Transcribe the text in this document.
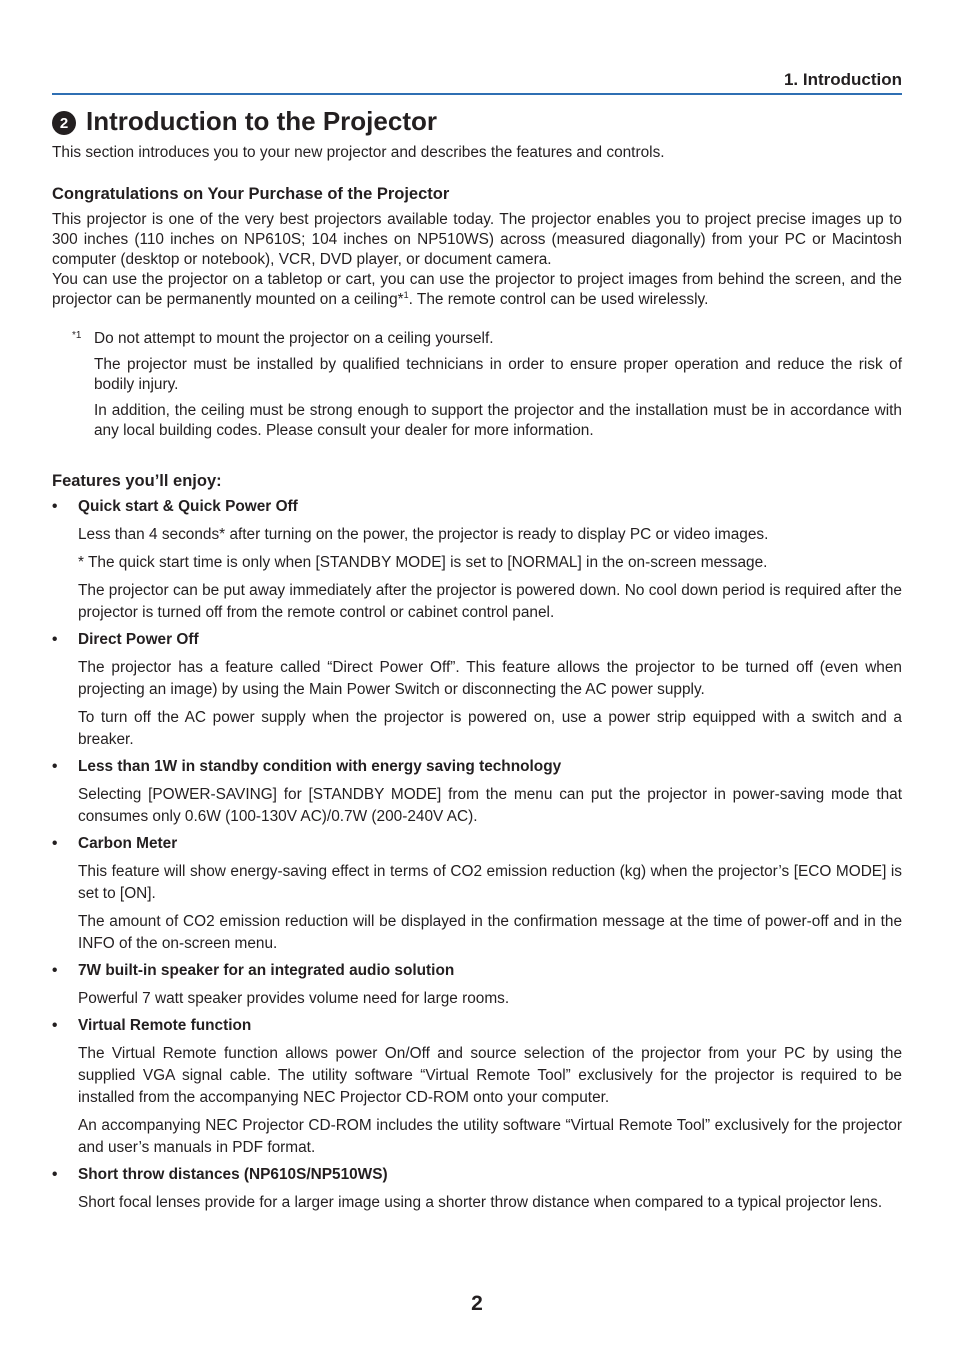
1. Introduction
2 Introduction to the Projector

This section introduces you to your new projector and describes the features and controls.

Congratulations on Your Purchase of the Projector

This projector is one of the very best projectors available today. The projector enables you to project precise images up to 300 inches (110 inches on NP610S; 104 inches on NP510WS) across (measured diagonally) from your PC or Macintosh computer (desktop or notebook), VCR, DVD player, or document camera.

You can use the projector on a tabletop or cart, you can use the projector to project images from behind the screen, and the projector can be permanently mounted on a ceiling*$^1$. The remote control can be used wirelessly.

*1 Do not attempt to mount the projector on a ceiling yourself.

The projector must be installed by qualified technicians in order to ensure proper operation and reduce the risk of bodily injury.

In addition, the ceiling must be strong enough to support the projector and the installation must be in accordance with any local building codes. Please consult your dealer for more information.

Features you’ll enjoy:
• Quick start & Quick Power Off

Less than 4 seconds* after turning on the power, the projector is ready to display PC or video images.

* The quick start time is only when [STANDBY MODE] is set to [NORMAL] in the on-screen message.

The projector can be put away immediately after the projector is powered down. No cool down period is required after the projector is turned off from the remote control or cabinet control panel.

• Direct Power Off

The projector has a feature called “Direct Power Off”. This feature allows the projector to be turned off (even when projecting an image) by using the Main Power Switch or disconnecting the AC power supply.

To turn off the AC power supply when the projector is powered on, use a power strip equipped with a switch and a breaker.

• Less than 1W in standby condition with energy saving technology

Selecting [POWER-SAVING] for [STANDBY MODE] from the menu can put the projector in power-saving mode that consumes only 0.6W (100-130V AC)/0.7W (200-240V AC).

• Carbon Meter

This feature will show energy-saving effect in terms of CO2 emission reduction (kg) when the projector’s [ECO MODE] is set to [ON].

The amount of CO2 emission reduction will be displayed in the confirmation message at the time of power-off and in the INFO of the on-screen menu.

• 7W built-in speaker for an integrated audio solution

Powerful 7 watt speaker provides volume need for large rooms.

• Virtual Remote function

The Virtual Remote function allows power On/Off and source selection of the projector from your PC by using the supplied VGA signal cable. The utility software “Virtual Remote Tool” exclusively for the projector is required to be installed from the accompanying NEC Projector CD-ROM onto your computer.

An accompanying NEC Projector CD-ROM includes the utility software “Virtual Remote Tool” exclusively for the projector and user’s manuals in PDF format.

• Short throw distances (NP610S/NP510WS)

Short focal lenses provide for a larger image using a shorter throw distance when compared to a typical projector lens.

2
